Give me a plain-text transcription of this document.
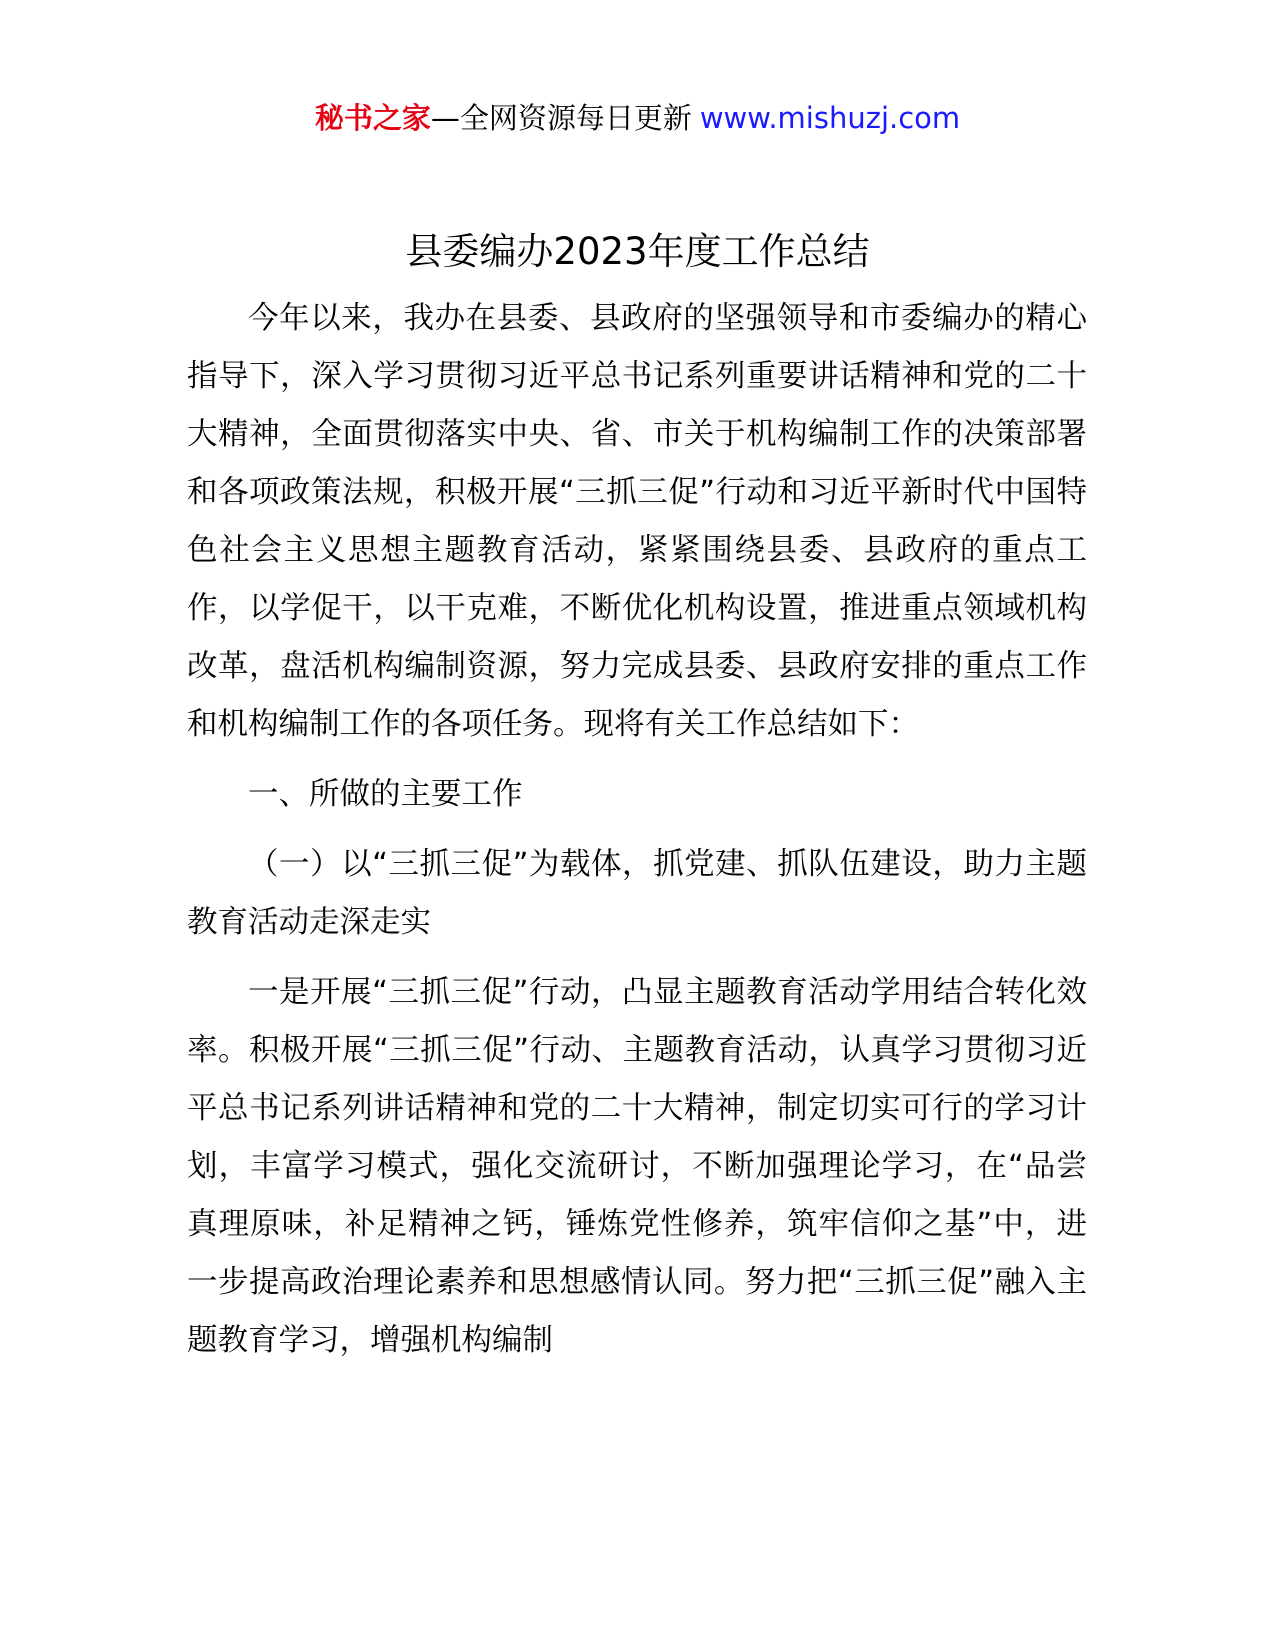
秘书之家—全网资源每日更新 www.mishuzj.com
县委编办2023年度工作总结

今年以来，我办在县委、县政府的坚强领导和市委编办的精心指导下，深入学习贯彻习近平总书记系列重要讲话精神和党的二十大精神，全面贯彻落实中央、省、市关于机构编制工作的决策部署和各项政策法规，积极开展“三抓三促”行动和习近平新时代中国特色社会主义思想主题教育活动，紧紧围绕县委、县政府的重点工作，以学促干，以干克难，不断优化机构设置，推进重点领域机构改革，盘活机构编制资源，努力完成县委、县政府安排的重点工作和机构编制工作的各项任务。现将有关工作总结如下：

一、所做的主要工作

（一）以“三抓三促”为载体，抓党建、抓队伍建设，助力主题教育活动走深走实

一是开展“三抓三促”行动，凸显主题教育活动学用结合转化效率。积极开展“三抓三促”行动、主题教育活动，认真学习贯彻习近平总书记系列讲话精神和党的二十大精神，制定切实可行的学习计划，丰富学习模式，强化交流研讨，不断加强理论学习，在“品尝真理原味，补足精神之钙，锤炼党性修养，筑牢信仰之基”中，进一步提高政治理论素养和思想感情认同。努力把“三抓三促”融入主题教育学习，增强机构编制
